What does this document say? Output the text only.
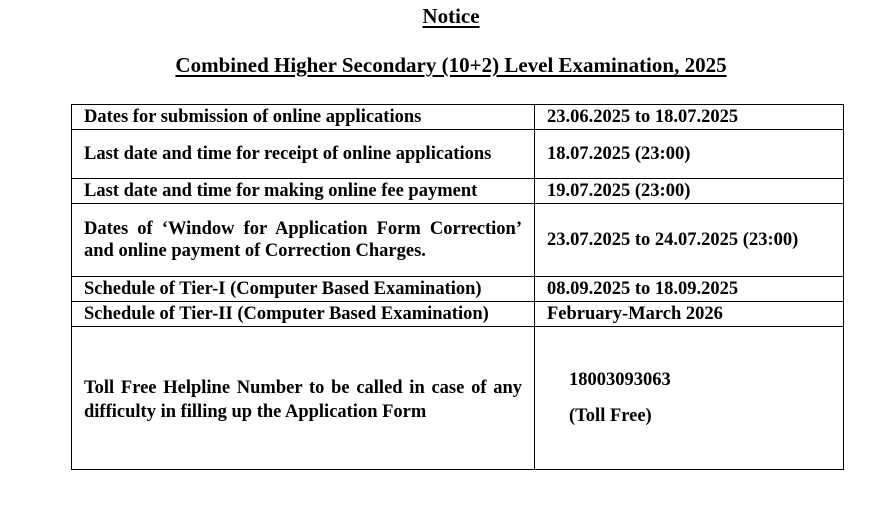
Notice
Combined Higher Secondary (10+2) Level Examination, 2025
Dates for submission of online applications	23.06.2025 to 18.07.2025
Last date and time for receipt of online applications	18.07.2025 (23:00)
Last date and time for making online fee payment	19.07.2025 (23:00)
Dates of ‘Window for Application Form Correction’ and online payment of Correction Charges.	23.07.2025 to 24.07.2025 (23:00)
Schedule of Tier-I (Computer Based Examination)	08.09.2025 to 18.09.2025
Schedule of Tier-II (Computer Based Examination)	February-March 2026

Toll Free Helpline Number to be called in case of any difficulty in filling up the Application Form	18003093063
(Toll Free)
